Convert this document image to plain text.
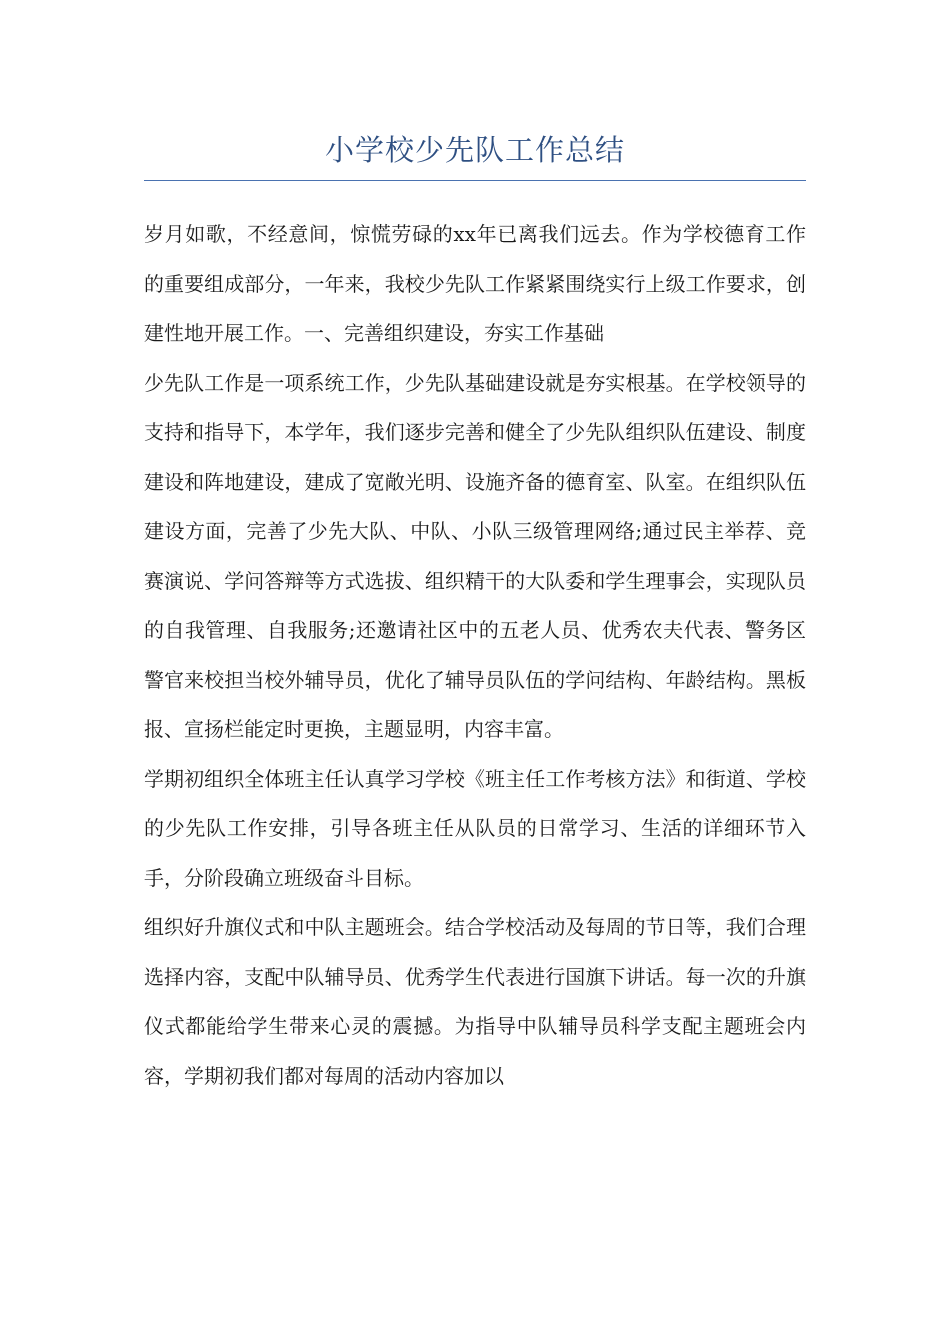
小学校少先队工作总结

岁月如歌，不经意间，惊慌劳碌的xx年已离我们远去。作为学校德育工作的重要组成部分，一年来，我校少先队工作紧紧围绕实行上级工作要求，创建性地开展工作。一、完善组织建设，夯实工作基础

少先队工作是一项系统工作，少先队基础建设就是夯实根基。在学校领导的支持和指导下，本学年，我们逐步完善和健全了少先队组织队伍建设、制度建设和阵地建设，建成了宽敞光明、设施齐备的德育室、队室。在组织队伍建设方面，完善了少先大队、中队、小队三级管理网络;通过民主举荐、竞赛演说、学问答辩等方式选拔、组织精干的大队委和学生理事会，实现队员的自我管理、自我服务;还邀请社区中的五老人员、优秀农夫代表、警务区警官来校担当校外辅导员，优化了辅导员队伍的学问结构、年龄结构。黑板报、宣扬栏能定时更换，主题显明，内容丰富。

学期初组织全体班主任认真学习学校《班主任工作考核方法》和街道、学校的少先队工作安排，引导各班主任从队员的日常学习、生活的详细环节入手，分阶段确立班级奋斗目标。

组织好升旗仪式和中队主题班会。结合学校活动及每周的节日等，我们合理选择内容，支配中队辅导员、优秀学生代表进行国旗下讲话。每一次的升旗仪式都能给学生带来心灵的震撼。为指导中队辅导员科学支配主题班会内容，学期初我们都对每周的活动内容加以
